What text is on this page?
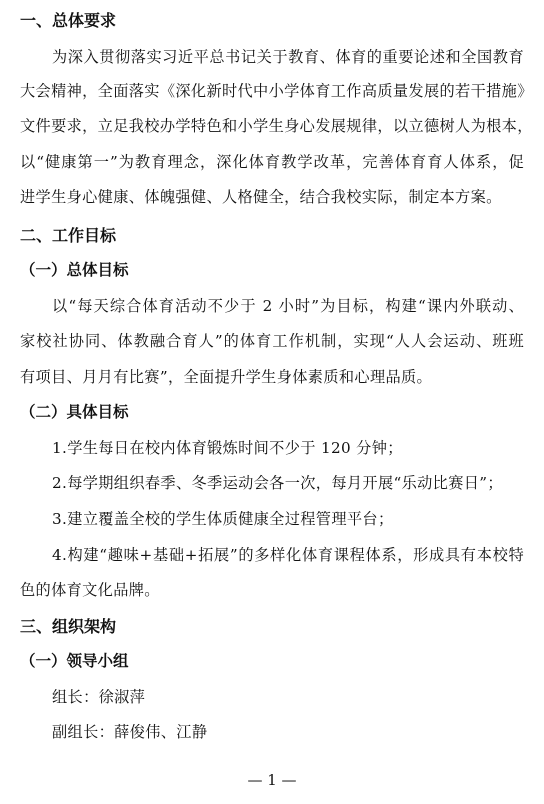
一、总体要求
为深入贯彻落实习近平总书记关于教育、体育的重要论述和全国教育
大会精神，全面落实《深化新时代中小学体育工作高质量发展的若干措施》
文件要求，立足我校办学特色和小学生身心发展规律，以立德树人为根本，
以“健康第一”为教育理念，深化体育教学改革，完善体育育人体系，促
进学生身心健康、体魄强健、人格健全，结合我校实际，制定本方案。
二、工作目标
（一）总体目标
以“每天综合体育活动不少于 2 小时”为目标，构建“课内外联动、
家校社协同、体教融合育人”的体育工作机制，实现“人人会运动、班班
有项目、月月有比赛”，全面提升学生身体素质和心理品质。
（二）具体目标
1.学生每日在校内体育锻炼时间不少于 120 分钟；
2.每学期组织春季、冬季运动会各一次，每月开展“乐动比赛日”；
3.建立覆盖全校的学生体质健康全过程管理平台；
4.构建“趣味+基础+拓展”的多样化体育课程体系，形成具有本校特
色的体育文化品牌。
三、组织架构
（一）领导小组
组长：徐淑萍
副组长：薛俊伟、江静
— 1 —
